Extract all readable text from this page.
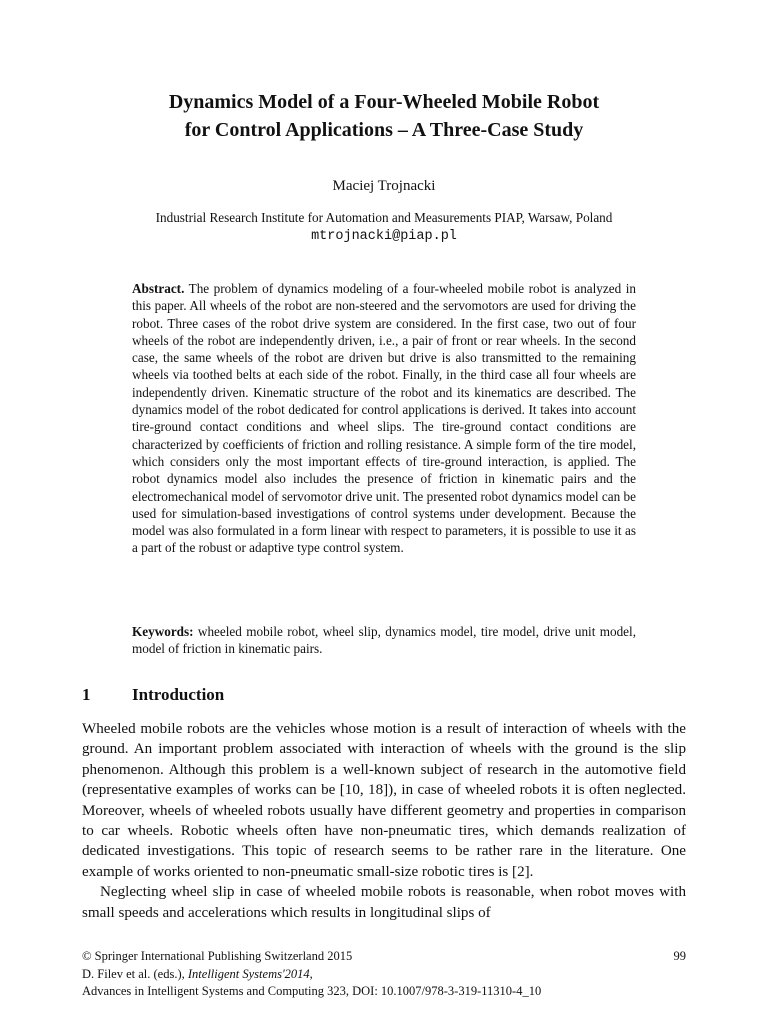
Dynamics Model of a Four-Wheeled Mobile Robot
for Control Applications – A Three-Case Study
Maciej Trojnacki
Industrial Research Institute for Automation and Measurements PIAP, Warsaw, Poland
mtrojnacki@piap.pl

Abstract. The problem of dynamics modeling of a four-wheeled mobile robot is analyzed in this paper. All wheels of the robot are non-steered and the servomotors are used for driving the robot. Three cases of the robot drive system are considered. In the first case, two out of four wheels of the robot are independently driven, i.e., a pair of front or rear wheels. In the second case, the same wheels of the robot are driven but drive is also transmitted to the remaining wheels via toothed belts at each side of the robot. Finally, in the third case all four wheels are independently driven. Kinematic structure of the robot and its kinematics are described. The dynamics model of the robot dedicated for control applications is derived. It takes into account tire-ground contact conditions and wheel slips. The tire-ground contact conditions are characterized by coefficients of friction and rolling resistance. A simple form of the tire model, which considers only the most important effects of tire-ground interaction, is applied. The robot dynamics model also includes the presence of friction in kinematic pairs and the electromechanical model of servomotor drive unit. The presented robot dynamics model can be used for simulation-based investigations of control systems under development. Because the model was also formulated in a form linear with respect to parameters, it is possible to use it as a part of the robust or adaptive type control system.

Keywords: wheeled mobile robot, wheel slip, dynamics model, tire model, drive unit model, model of friction in kinematic pairs.

1 Introduction

Wheeled mobile robots are the vehicles whose motion is a result of interaction of wheels with the ground. An important problem associated with interaction of wheels with the ground is the slip phenomenon. Although this problem is a well-known subject of research in the automotive field (representative examples of works can be [10, 18]), in case of wheeled robots it is often neglected. Moreover, wheels of wheeled robots usually have different geometry and properties in comparison to car wheels. Robotic wheels often have non-pneumatic tires, which demands realization of dedicated investigations. This topic of research seems to be rather rare in the literature. One example of works oriented to non-pneumatic small-size robotic tires is [2].

Neglecting wheel slip in case of wheeled mobile robots is reasonable, when robot moves with small speeds and accelerations which results in longitudinal slips of

© Springer International Publishing Switzerland 2015	99
D. Filev et al. (eds.), Intelligent Systems'2014,
Advances in Intelligent Systems and Computing 323, DOI: 10.1007/978-3-319-11310-4_10
